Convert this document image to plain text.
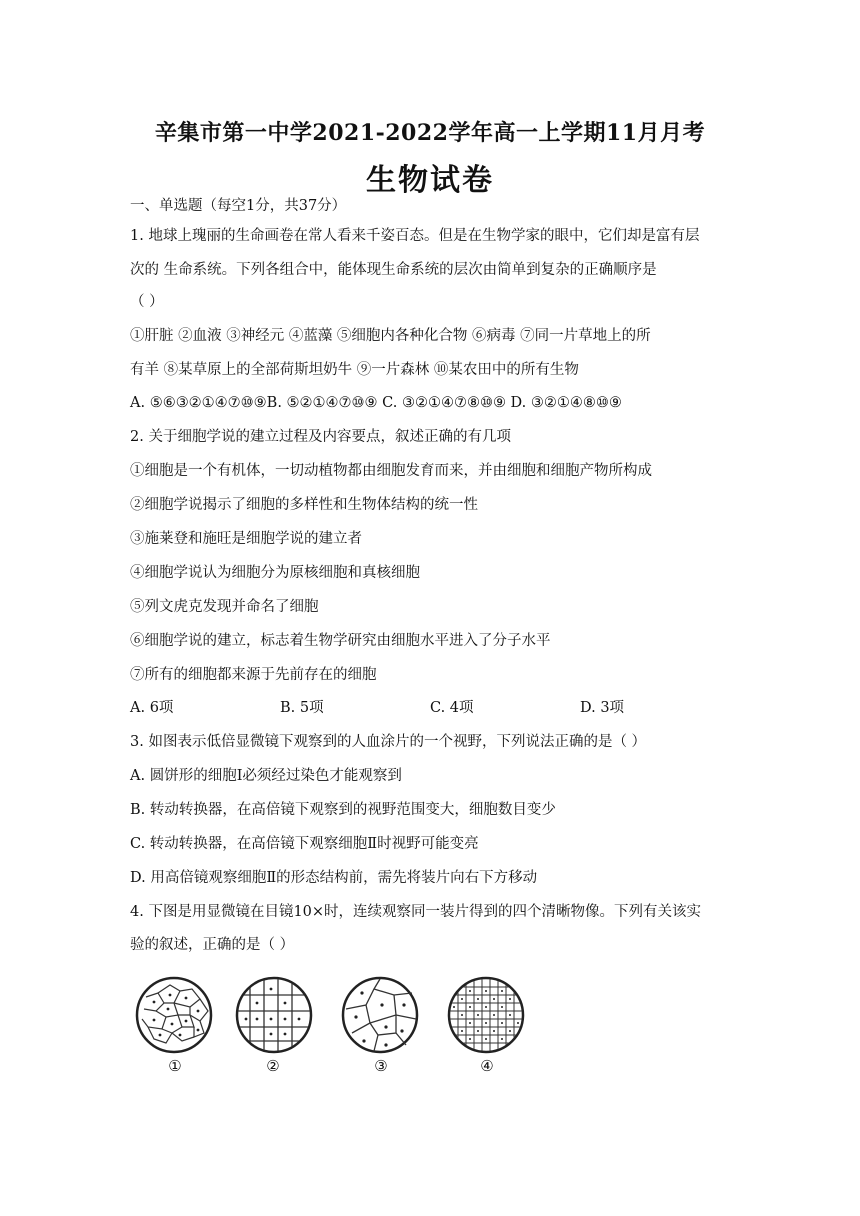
辛集市第一中学2021-2022学年高一上学期11月月考
生物试卷
一、单选题（每空1分，共37分）
1. 地球上瑰丽的生命画卷在常人看来千姿百态。但是在生物学家的眼中，它们却是富有层
次的 生命系统。下列各组合中，能体现生命系统的层次由简单到复杂的正确顺序是
（ ）
①肝脏 ②血液 ③神经元 ④蓝藻 ⑤细胞内各种化合物 ⑥病毒 ⑦同一片草地上的所
有羊 ⑧某草原上的全部荷斯坦奶牛 ⑨一片森林 ⑩某农田中的所有生物
A. ⑤⑥③②①④⑦⑩⑨B. ⑤②①④⑦⑩⑨ C. ③②①④⑦⑧⑩⑨ D. ③②①④⑧⑩⑨
2. 关于细胞学说的建立过程及内容要点，叙述正确的有几项
①细胞是一个有机体，一切动植物都由细胞发育而来，并由细胞和细胞产物所构成
②细胞学说揭示了细胞的多样性和生物体结构的统一性
③施莱登和施旺是细胞学说的建立者
④细胞学说认为细胞分为原核细胞和真核细胞
⑤列文虎克发现并命名了细胞
⑥细胞学说的建立，标志着生物学研究由细胞水平进入了分子水平
⑦所有的细胞都来源于先前存在的细胞
A. 6项	B. 5项	C. 4项	D. 3项
3. 如图表示低倍显微镜下观察到的人血涂片的一个视野，下列说法正确的是（ ）
A. 圆饼形的细胞Ⅰ必须经过染色才能观察到
B. 转动转换器，在高倍镜下观察到的视野范围变大，细胞数目变少
C. 转动转换器，在高倍镜下观察细胞Ⅱ时视野可能变亮
D. 用高倍镜观察细胞Ⅱ的形态结构前，需先将装片向右下方移动
4. 下图是用显微镜在目镜10×时，连续观察同一装片得到的四个清晰物像。下列有关该实
验的叙述，正确的是（ ）
①	②	③	④
